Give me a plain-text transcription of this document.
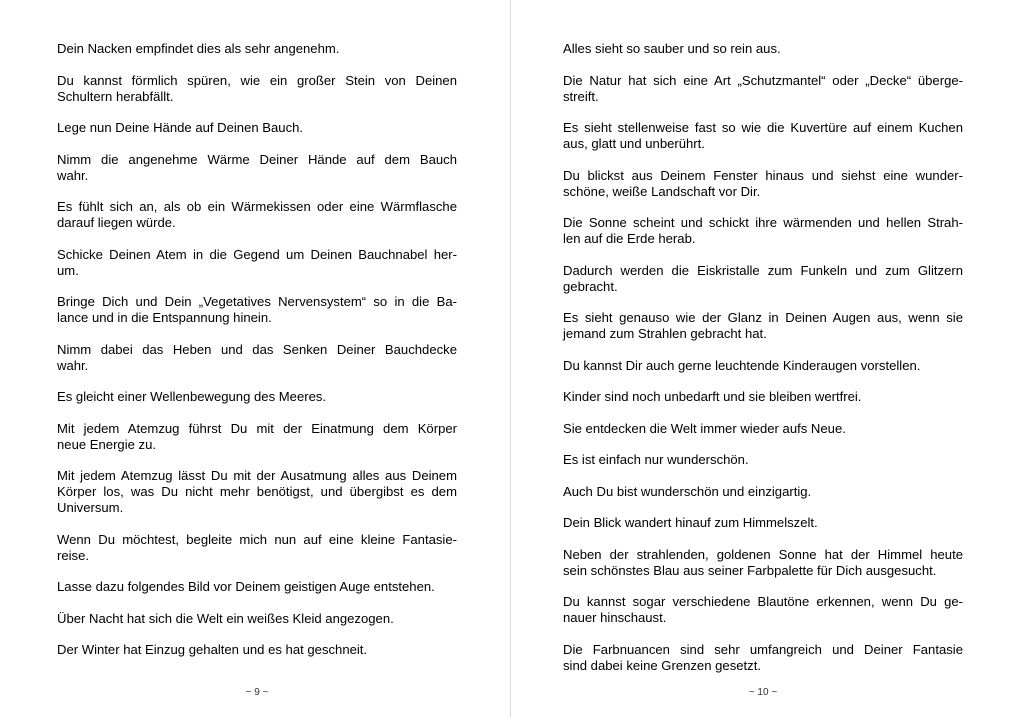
Dein Nacken empfindet dies als sehr angenehm.

Du kannst förmlich spüren, wie ein großer Stein von Deinen
Schultern herabfällt.

Lege nun Deine Hände auf Deinen Bauch.

Nimm die angenehme Wärme Deiner Hände auf dem Bauch
wahr.

Es fühlt sich an, als ob ein Wärmekissen oder eine Wärmflasche
darauf liegen würde.

Schicke Deinen Atem in die Gegend um Deinen Bauchnabel her-
um.

Bringe Dich und Dein „Vegetatives Nervensystem“ so in die Ba-
lance und in die Entspannung hinein.

Nimm dabei das Heben und das Senken Deiner Bauchdecke
wahr.

Es gleicht einer Wellenbewegung des Meeres.

Mit jedem Atemzug führst Du mit der Einatmung dem Körper
neue Energie zu.

Mit jedem Atemzug lässt Du mit der Ausatmung alles aus Deinem
Körper los, was Du nicht mehr benötigst, und übergibst es dem
Universum.

Wenn Du möchtest, begleite mich nun auf eine kleine Fantasie-
reise.

Lasse dazu folgendes Bild vor Deinem geistigen Auge entstehen.

Über Nacht hat sich die Welt ein weißes Kleid angezogen.

Der Winter hat Einzug gehalten und es hat geschneit.

~ 9 ~

Alles sieht so sauber und so rein aus.

Die Natur hat sich eine Art „Schutzmantel“ oder „Decke“ überge-
streift.

Es sieht stellenweise fast so wie die Kuvertüre auf einem Kuchen
aus, glatt und unberührt.

Du blickst aus Deinem Fenster hinaus und siehst eine wunder-
schöne, weiße Landschaft vor Dir.

Die Sonne scheint und schickt ihre wärmenden und hellen Strah-
len auf die Erde herab.

Dadurch werden die Eiskristalle zum Funkeln und zum Glitzern
gebracht.

Es sieht genauso wie der Glanz in Deinen Augen aus, wenn sie
jemand zum Strahlen gebracht hat.

Du kannst Dir auch gerne leuchtende Kinderaugen vorstellen.

Kinder sind noch unbedarft und sie bleiben wertfrei.

Sie entdecken die Welt immer wieder aufs Neue.

Es ist einfach nur wunderschön.

Auch Du bist wunderschön und einzigartig.

Dein Blick wandert hinauf zum Himmelszelt.

Neben der strahlenden, goldenen Sonne hat der Himmel heute
sein schönstes Blau aus seiner Farbpalette für Dich ausgesucht.

Du kannst sogar verschiedene Blautöne erkennen, wenn Du ge-
nauer hinschaust.

Die Farbnuancen sind sehr umfangreich und Deiner Fantasie
sind dabei keine Grenzen gesetzt.

~ 10 ~
